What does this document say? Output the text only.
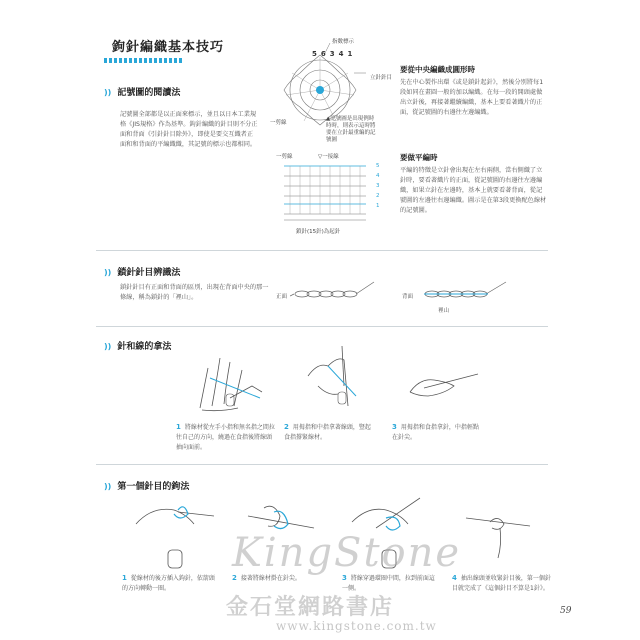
鉤針編織基本技巧
)) 記號圖的閱讀法
記號圖全部都是以正面來標示，並且以日本工業規格《JIS規格》作為基準。鉤針編織的針目則不分正面和背面《引針針目除外》，即使是要交互織者正面和和背面的平編織織，其記號的標示也都相同。
指數標示
立針針目
5 6 3 4 1
一剪線
▲記號圖是出現例時時時，則表示這時將要在立針最重編的記號圖
一剪線	▽一接線
5
4
3
2
1
鎖針(15針)為起針
要從中央編織成圓形時
先在中心製作出環《或是鎖針起針》，然後分別將每1段如同在畫圓一般的加以編織。在每一段的開頭處做出立針後，再接著繼續編織，基本上要看著織片的正面，從記號圖的右邊往左邊編織。
要做平編時
平編的特徵是立針會出現在左右兩側，當右側織了立針時，要看著織片的正面，從記號圖的右邊往左邊編織，如果立針在左邊時，基本上就要看著背面，從記號圖的左邊往右邊編織。圖示是在第3段更換配色線材的記號圖。
)) 鎖針針目辨識法
鎖針針目有正面和背面的區別，出現在背面中央的那一條線，稱為鎖針的「裡山」。	正面	背面
裡山
)) 針和線的拿法
1 將線材從左手小指和無名指之間拉往自己的方向，繞過在食指後將線頭抽向面前。
2 用拇指和中指拿著線頭，豎起食指撐緊線材。
3 用拇指和食指拿針，中指輕點在針尖。
)) 第一個針目的鉤法
1 從線材的後方插入鉤針，依箭頭的方向轉動一圈。
2 接著將線材掛在針尖。	3 將線穿過環圈中間，拉到前面這一側。
4 抽出線頭並收緊針目後，第一個針目就完成了《這個針目不算是1針》。
KingStone
金石堂網路書店
www.kingstone.com.tw
59
